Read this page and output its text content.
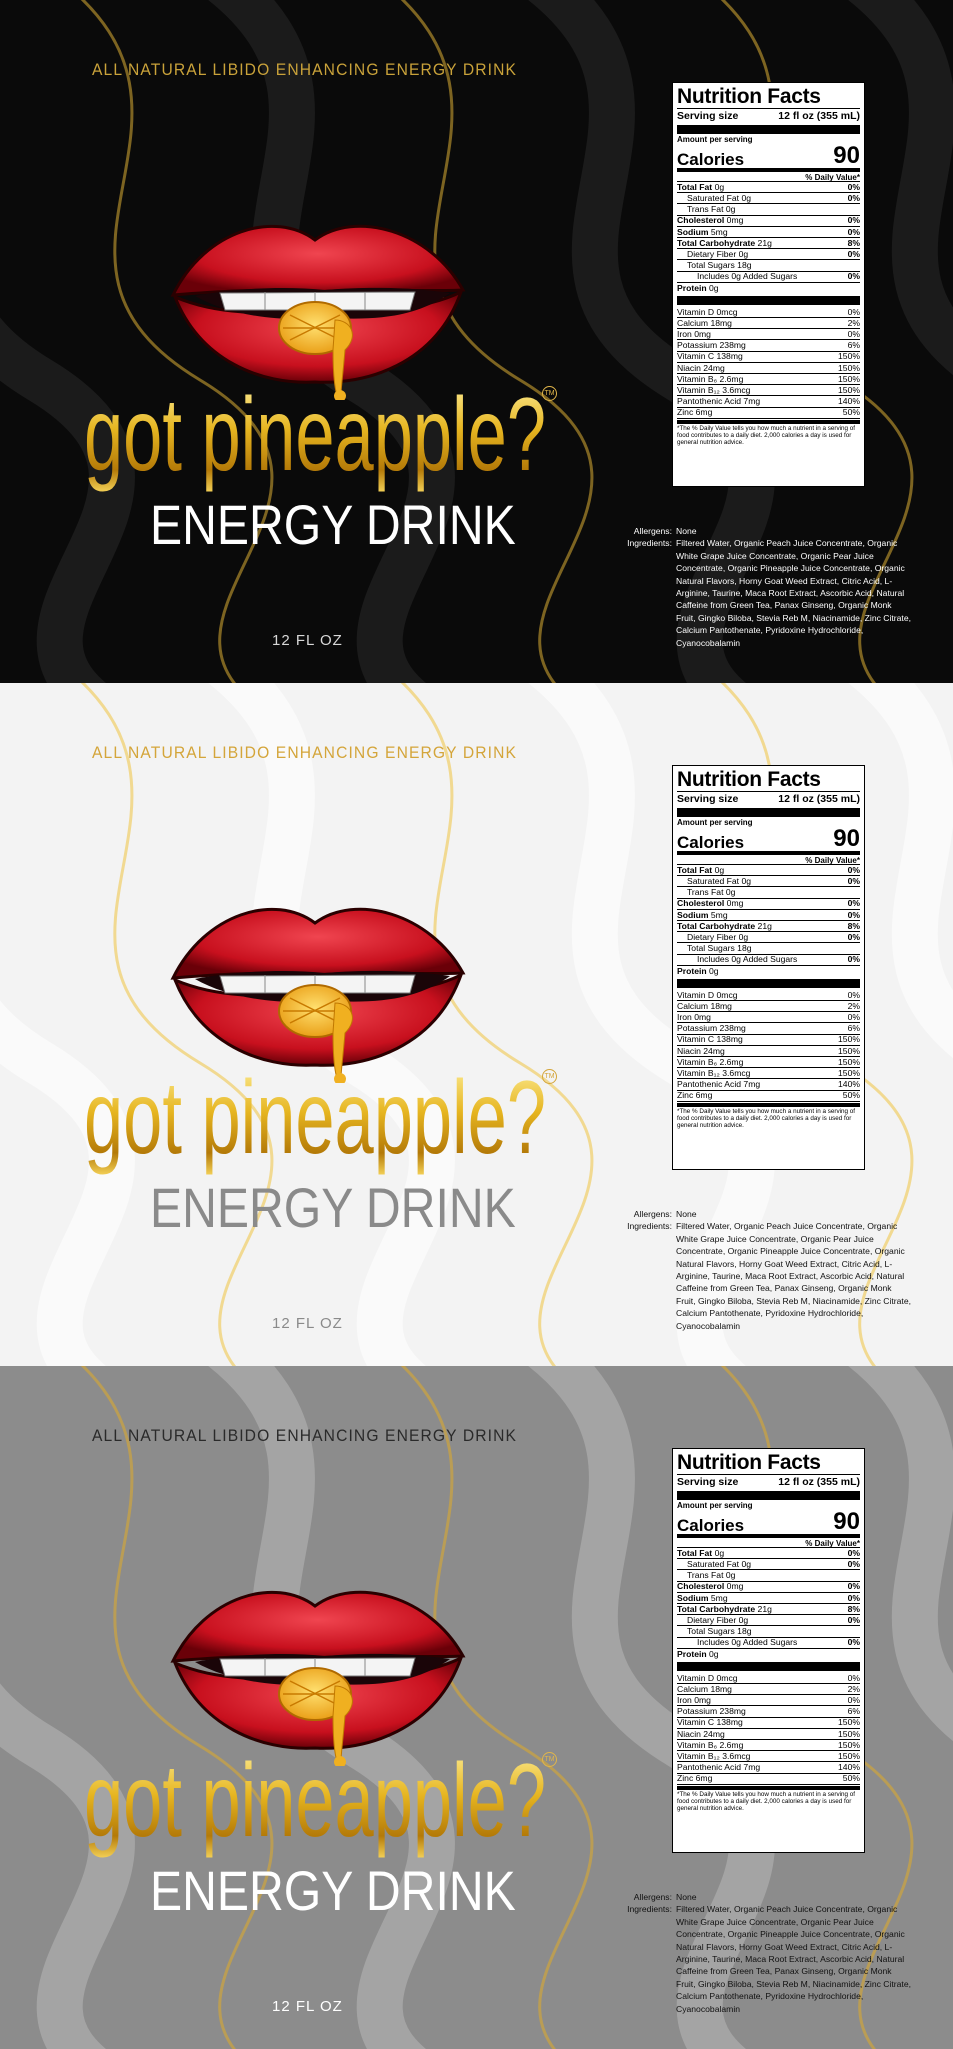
ALL NATURAL LIBIDO ENHANCING ENERGY DRINK
got pineapple?
TM
ENERGY DRINK
12 FL OZ
Nutrition Facts
Serving size	12 fl oz (355 mL)
Amount per serving
Calories	90
% Daily Value*
Total Fat 0g	0%
Saturated Fat 0g	0%
Trans Fat 0g
Cholesterol 0mg	0%
Sodium 5mg	0%
Total Carbohydrate 21g	8%
Dietary Fiber 0g	0%
Total Sugars 18g
Includes 0g Added Sugars	0%
Protein 0g
Vitamin D 0mcg	0%
Calcium 18mg	2%
Iron 0mg	0%
Potassium 238mg	6%
Vitamin C 138mg	150%
Niacin 24mg	150%
Vitamin B₆ 2.6mg	150%
Vitamin B₁₂ 3.6mcg	150%
Pantothenic Acid 7mg	140%
Zinc 6mg	50%
*The % Daily Value tells you how much a nutrient in a serving of food contributes to a daily diet. 2,000 calories a day is used for general nutrition advice.
Allergens: None
Ingredients: Filtered Water, Organic Peach Juice Concentrate, Organic White Grape Juice Concentrate, Organic Pear Juice Concentrate, Organic Pineapple Juice Concentrate, Organic Natural Flavors, Horny Goat Weed Extract, Citric Acid, L-Arginine, Taurine, Maca Root Extract, Ascorbic Acid, Natural Caffeine from Green Tea, Panax Ginseng, Organic Monk Fruit, Gingko Biloba, Stevia Reb M, Niacinamide, Zinc Citrate, Calcium Pantothenate, Pyridoxine Hydrochloride, Cyanocobalamin
ALL NATURAL LIBIDO ENHANCING ENERGY DRINK
got pineapple?
TM
ENERGY DRINK
12 FL OZ
Nutrition Facts
Serving size	12 fl oz (355 mL)
Amount per serving
Calories	90
% Daily Value*
Total Fat 0g	0%
Saturated Fat 0g	0%
Trans Fat 0g
Cholesterol 0mg	0%
Sodium 5mg	0%
Total Carbohydrate 21g	8%
Dietary Fiber 0g	0%
Total Sugars 18g
Includes 0g Added Sugars	0%
Protein 0g
Vitamin D 0mcg	0%
Calcium 18mg	2%
Iron 0mg	0%
Potassium 238mg	6%
Vitamin C 138mg	150%
Niacin 24mg	150%
Vitamin B₆ 2.6mg	150%
Vitamin B₁₂ 3.6mcg	150%
Pantothenic Acid 7mg	140%
Zinc 6mg	50%
*The % Daily Value tells you how much a nutrient in a serving of food contributes to a daily diet. 2,000 calories a day is used for general nutrition advice.
Allergens: None
Ingredients: Filtered Water, Organic Peach Juice Concentrate, Organic White Grape Juice Concentrate, Organic Pear Juice Concentrate, Organic Pineapple Juice Concentrate, Organic Natural Flavors, Horny Goat Weed Extract, Citric Acid, L-Arginine, Taurine, Maca Root Extract, Ascorbic Acid, Natural Caffeine from Green Tea, Panax Ginseng, Organic Monk Fruit, Gingko Biloba, Stevia Reb M, Niacinamide, Zinc Citrate, Calcium Pantothenate, Pyridoxine Hydrochloride, Cyanocobalamin
ALL NATURAL LIBIDO ENHANCING ENERGY DRINK
got pineapple?
TM
ENERGY DRINK
12 FL OZ
Nutrition Facts
Serving size	12 fl oz (355 mL)
Amount per serving
Calories	90
% Daily Value*
Total Fat 0g	0%
Saturated Fat 0g	0%
Trans Fat 0g
Cholesterol 0mg	0%
Sodium 5mg	0%
Total Carbohydrate 21g	8%
Dietary Fiber 0g	0%
Total Sugars 18g
Includes 0g Added Sugars	0%
Protein 0g
Vitamin D 0mcg	0%
Calcium 18mg	2%
Iron 0mg	0%
Potassium 238mg	6%
Vitamin C 138mg	150%
Niacin 24mg	150%
Vitamin B₆ 2.6mg	150%
Vitamin B₁₂ 3.6mcg	150%
Pantothenic Acid 7mg	140%
Zinc 6mg	50%
*The % Daily Value tells you how much a nutrient in a serving of food contributes to a daily diet. 2,000 calories a day is used for general nutrition advice.
Allergens: None
Ingredients: Filtered Water, Organic Peach Juice Concentrate, Organic White Grape Juice Concentrate, Organic Pear Juice Concentrate, Organic Pineapple Juice Concentrate, Organic Natural Flavors, Horny Goat Weed Extract, Citric Acid, L-Arginine, Taurine, Maca Root Extract, Ascorbic Acid, Natural Caffeine from Green Tea, Panax Ginseng, Organic Monk Fruit, Gingko Biloba, Stevia Reb M, Niacinamide, Zinc Citrate, Calcium Pantothenate, Pyridoxine Hydrochloride, Cyanocobalamin
